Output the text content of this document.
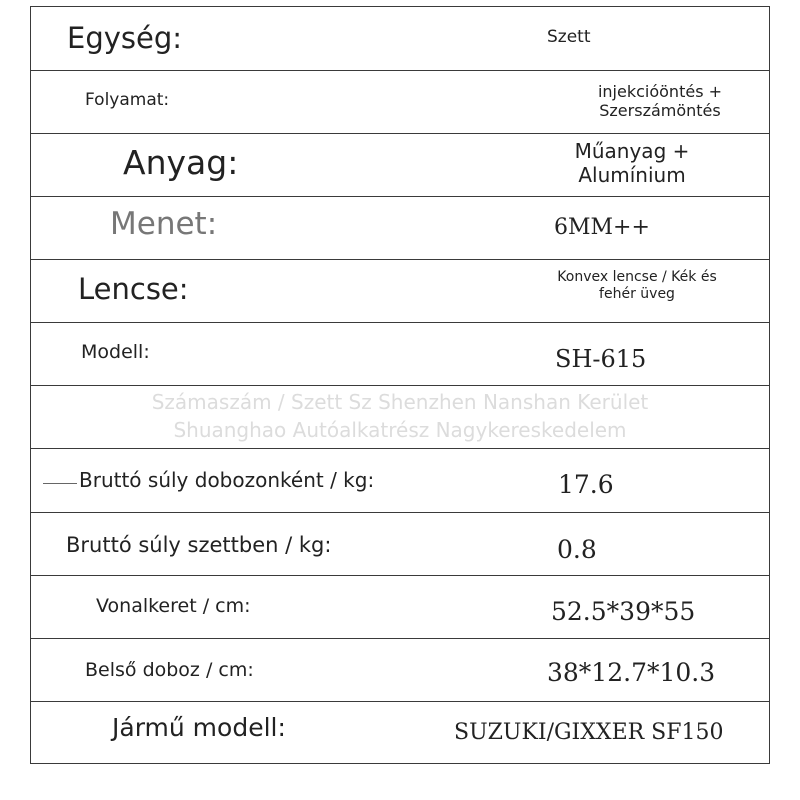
Egység:	Szett
Folyamat:	injekcióöntés + Szerszámöntés
Anyag:	Műanyag + Alumínium
Menet:	6MM++
Lencse:	Konvex lencse / Kék és fehér üveg
Modell:	SH-615
Számaszám / Szett Sz Shenzhen Nanshan Kerület
Shuanghao Autóalkatrész Nagykereskedelem
Bruttó súly dobozonként / kg:	17.6
Bruttó súly szettben / kg:	0.8
Vonalkeret / cm:	52.5*39*55
Belső doboz / cm:	38*12.7*10.3
Jármű modell:	SUZUKI/GIXXER SF150
